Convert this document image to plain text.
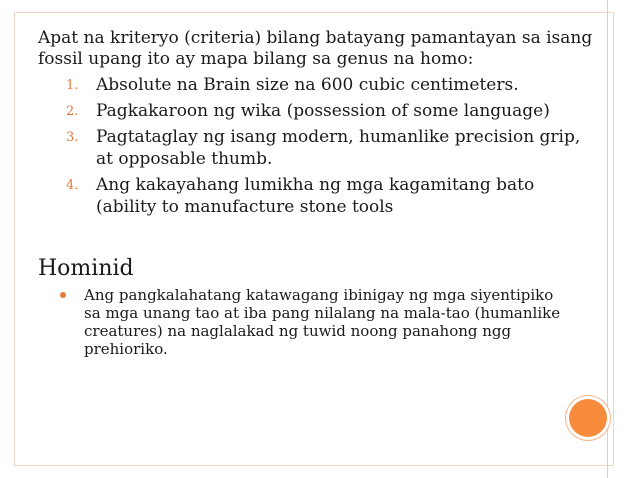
Apat na kriteryo (criteria) bilang batayang pamantayan sa isang fossil upang ito ay mapa bilang sa genus na homo:

1. Absolute na Brain size na 600 cubic centimeters.
2. Pagkakaroon ng wika (possession of some language)
3. Pagtataglay ng isang modern, humanlike precision grip, at opposable thumb.
4. Ang kakayahang lumikha ng mga kagamitang bato (ability to manufacture stone tools
Hominid
Ang pangkalahatang katawagang ibinigay ng mga siyentipiko sa mga unang tao at iba pang nilalang na mala-tao (humanlike creatures) na naglalakad ng tuwid noong panahong ngg prehioriko.
